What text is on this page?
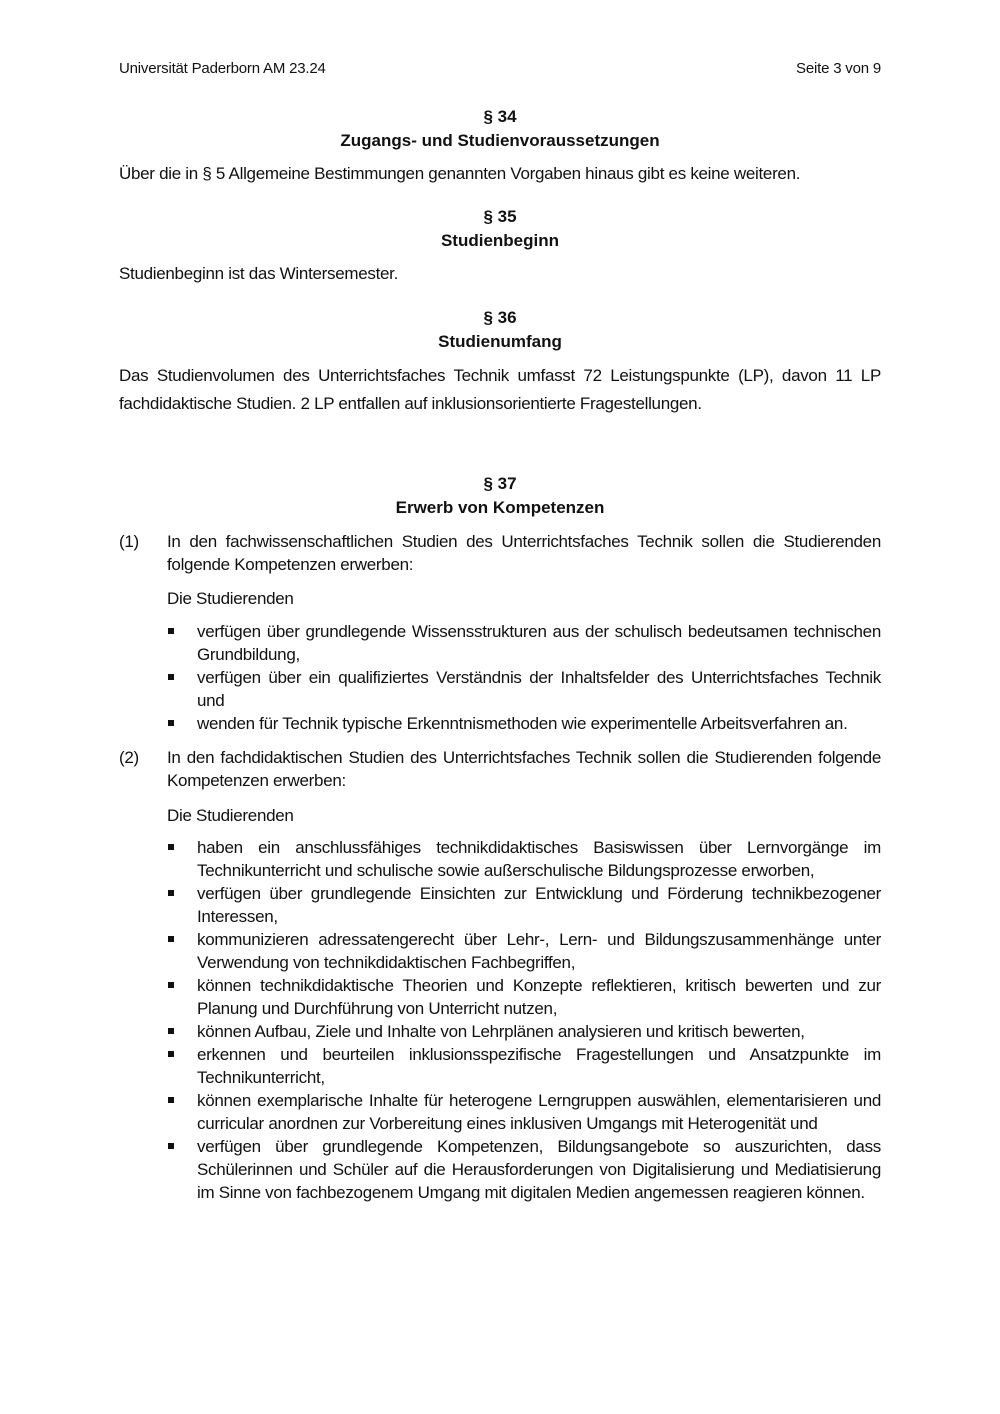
Universität Paderborn AM 23.24	Seite 3 von 9
§ 34
Zugangs- und Studienvoraussetzungen
Über die in § 5 Allgemeine Bestimmungen genannten Vorgaben hinaus gibt es keine weiteren.
§ 35
Studienbeginn
Studienbeginn ist das Wintersemester.
§ 36
Studienumfang
Das Studienvolumen des Unterrichtsfaches Technik umfasst 72 Leistungspunkte (LP), davon 11 LP fachdidaktische Studien. 2 LP entfallen auf inklusionsorientierte Fragestellungen.
§ 37
Erwerb von Kompetenzen
(1) In den fachwissenschaftlichen Studien des Unterrichtsfaches Technik sollen die Studierenden folgende Kompetenzen erwerben:
Die Studierenden
verfügen über grundlegende Wissensstrukturen aus der schulisch bedeutsamen technischen Grundbildung,
verfügen über ein qualifiziertes Verständnis der Inhaltsfelder des Unterrichtsfaches Technik und
wenden für Technik typische Erkenntnismethoden wie experimentelle Arbeitsverfahren an.
(2) In den fachdidaktischen Studien des Unterrichtsfaches Technik sollen die Studierenden folgende Kompetenzen erwerben:
Die Studierenden
haben ein anschlussfähiges technikdidaktisches Basiswissen über Lernvorgänge im Technikunterricht und schulische sowie außerschulische Bildungsprozesse erworben,
verfügen über grundlegende Einsichten zur Entwicklung und Förderung technikbezogener Interessen,
kommunizieren adressatengerecht über Lehr-, Lern- und Bildungszusammenhänge unter Verwendung von technikdidaktischen Fachbegriffen,
können technikdidaktische Theorien und Konzepte reflektieren, kritisch bewerten und zur Planung und Durchführung von Unterricht nutzen,
können Aufbau, Ziele und Inhalte von Lehrplänen analysieren und kritisch bewerten,
erkennen und beurteilen inklusionsspezifische Fragestellungen und Ansatzpunkte im Technikunterricht,
können exemplarische Inhalte für heterogene Lerngruppen auswählen, elementarisieren und curricular anordnen zur Vorbereitung eines inklusiven Umgangs mit Heterogenität und
verfügen über grundlegende Kompetenzen, Bildungsangebote so auszurichten, dass Schülerinnen und Schüler auf die Herausforderungen von Digitalisierung und Mediatisierung im Sinne von fachbezogenem Umgang mit digitalen Medien angemessen reagieren können.
